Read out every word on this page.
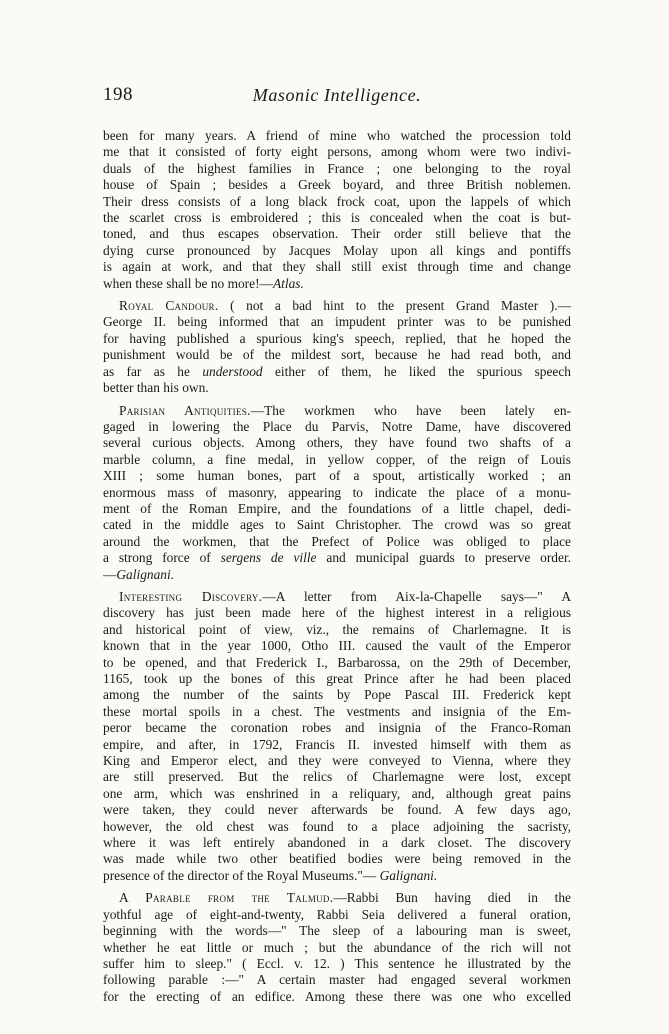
198	Masonic Intelligence.
been for many years. A friend of mine who watched the procession told
me that it consisted of forty eight persons, among whom were two indivi-
duals of the highest families in France ; one belonging to the royal
house of Spain ; besides a Greek boyard, and three British noblemen.
Their dress consists of a long black frock coat, upon the lappels of which
the scarlet cross is embroidered ; this is concealed when the coat is but-
toned, and thus escapes observation. Their order still believe that the
dying curse pronounced by Jacques Molay upon all kings and pontiffs
is again at work, and that they shall still exist through time and change
when these shall be no more!—Atlas.
Royal Candour. ( not a bad hint to the present Grand Master ).—
George II. being informed that an impudent printer was to be punished
for having published a spurious king's speech, replied, that he hoped the
punishment would be of the mildest sort, because he had read both, and
as far as he understood either of them, he liked the spurious speech
better than his own.
Parisian Antiquities.—The workmen who have been lately en-
gaged in lowering the Place du Parvis, Notre Dame, have discovered
several curious objects. Among others, they have found two shafts of a
marble column, a fine medal, in yellow copper, of the reign of Louis
XIII ; some human bones, part of a spout, artistically worked ; an
enormous mass of masonry, appearing to indicate the place of a monu-
ment of the Roman Empire, and the foundations of a little chapel, dedi-
cated in the middle ages to Saint Christopher. The crowd was so great
around the workmen, that the Prefect of Police was obliged to place
a strong force of sergens de ville and municipal guards to preserve order.
—Galignani.
Interesting Discovery.—A letter from Aix-la-Chapelle says—" A
discovery has just been made here of the highest interest in a religious
and historical point of view, viz., the remains of Charlemagne. It is
known that in the year 1000, Otho III. caused the vault of the Emperor
to be opened, and that Frederick I., Barbarossa, on the 29th of December,
1165, took up the bones of this great Prince after he had been placed
among the number of the saints by Pope Pascal III. Frederick kept
these mortal spoils in a chest. The vestments and insignia of the Em-
peror became the coronation robes and insignia of the Franco-Roman
empire, and after, in 1792, Francis II. invested himself with them as
King and Emperor elect, and they were conveyed to Vienna, where they
are still preserved. But the relics of Charlemagne were lost, except
one arm, which was enshrined in a reliquary, and, although great pains
were taken, they could never afterwards be found. A few days ago,
however, the old chest was found to a place adjoining the sacristy,
where it was left entirely abandoned in a dark closet. The discovery
was made while two other beatified bodies were being removed in the
presence of the director of the Royal Museums."— Galignani.
A Parable from the Talmud.—Rabbi Bun having died in the
yothful age of eight-and-twenty, Rabbi Seia delivered a funeral oration,
beginning with the words—" The sleep of a labouring man is sweet,
whether he eat little or much ; but the abundance of the rich will not
suffer him to sleep." ( Eccl. v. 12. ) This sentence he illustrated by the
following parable :—" A certain master had engaged several workmen
for the erecting of an edifice. Among these there was one who excelled
